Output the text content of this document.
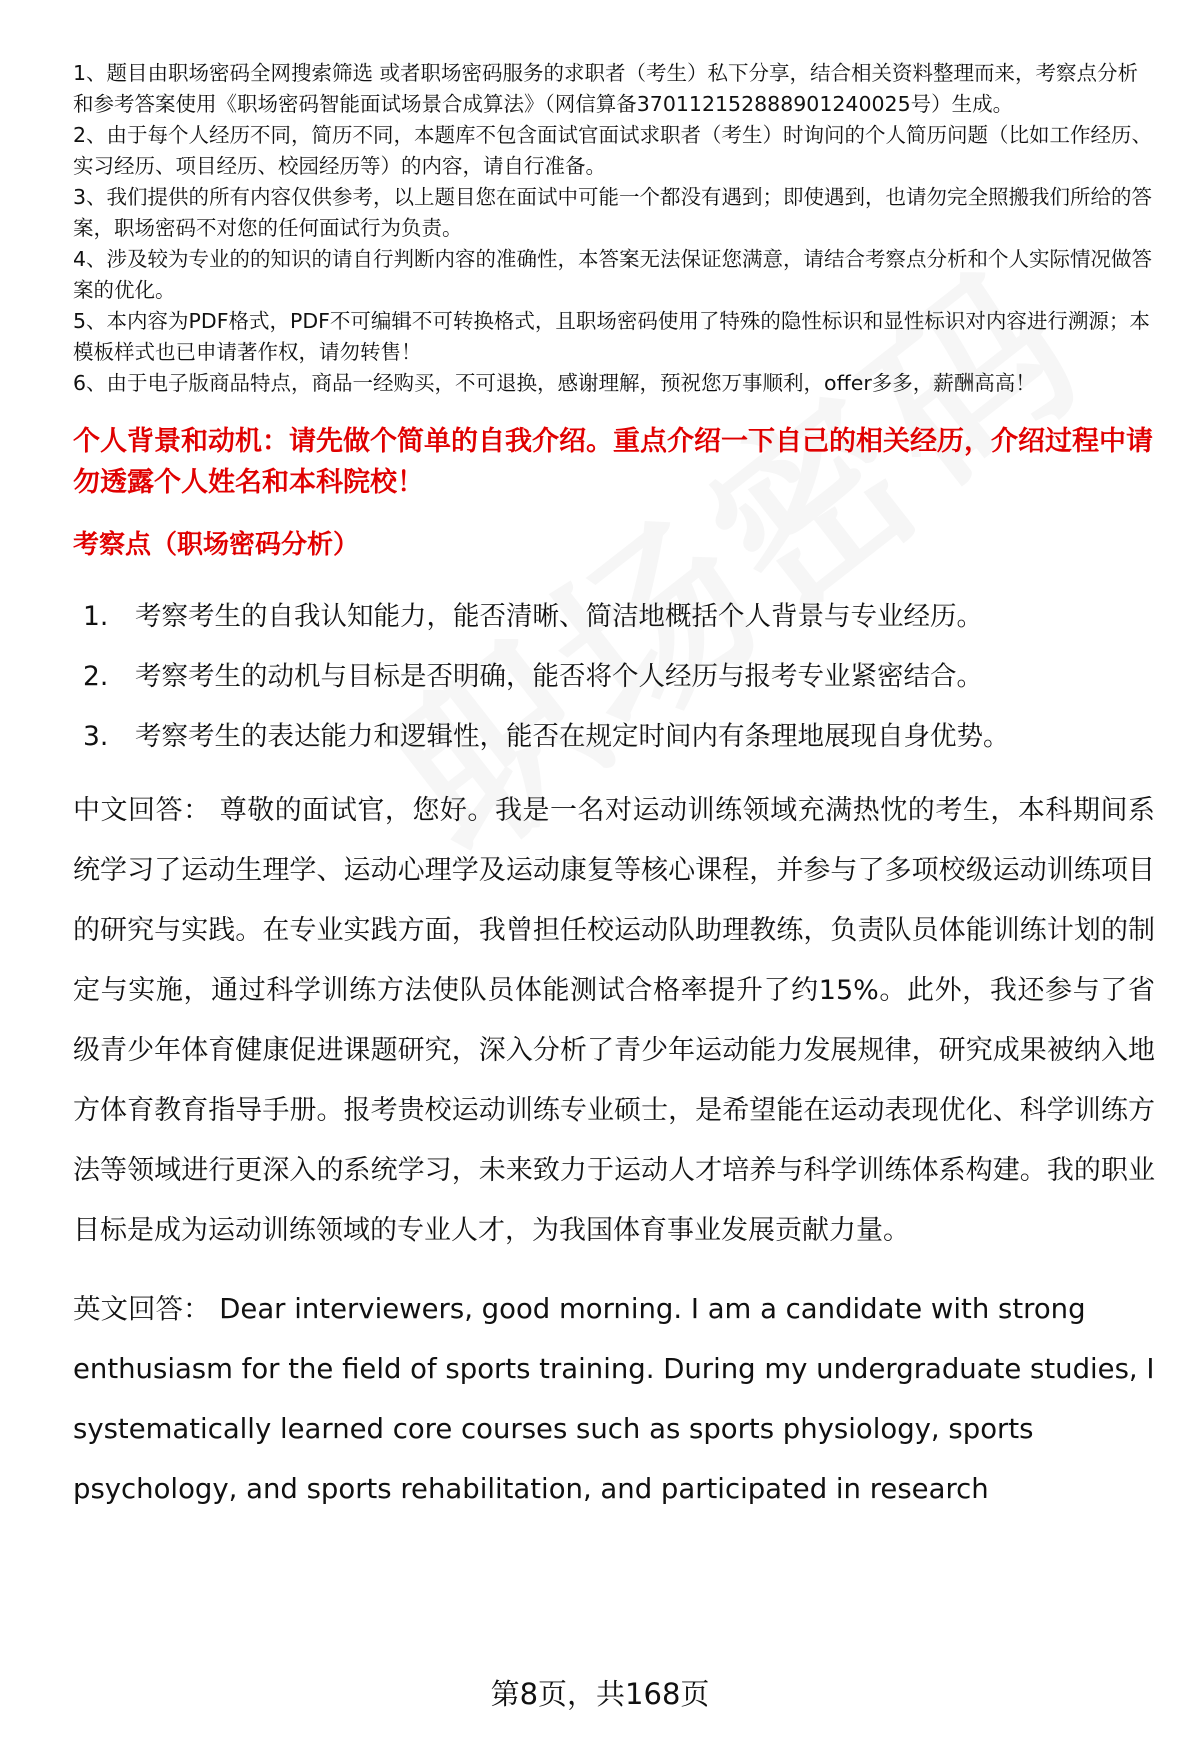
1、题目由职场密码全网搜索筛选 或者职场密码服务的求职者（考生）私下分享，结合相关资料整理而来，考察点分析和参考答案使用《职场密码智能面试场景合成算法》（网信算备370112152888901240025号）生成。

2、由于每个人经历不同，简历不同，本题库不包含面试官面试求职者（考生）时询问的个人简历问题（比如工作经历、实习经历、项目经历、校园经历等）的内容，请自行准备。

3、我们提供的所有内容仅供参考，以上题目您在面试中可能一个都没有遇到；即使遇到，也请勿完全照搬我们所给的答案，职场密码不对您的任何面试行为负责。

4、涉及较为专业的的知识的请自行判断内容的准确性，本答案无法保证您满意，请结合考察点分析和个人实际情况做答案的优化。

5、本内容为PDF格式，PDF不可编辑不可转换格式，且职场密码使用了特殊的隐性标识和显性标识对内容进行溯源；本模板样式也已申请著作权，请勿转售！

6、由于电子版商品特点，商品一经购买，不可退换，感谢理解，预祝您万事顺利，offer多多，薪酬高高！

个人背景和动机：请先做个简单的自我介绍。重点介绍一下自己的相关经历，介绍过程中请勿透露个人姓名和本科院校！
考察点（职场密码分析）
1.	考察考生的自我认知能力，能否清晰、简洁地概括个人背景与专业经历。
2.	考察考生的动机与目标是否明确，能否将个人经历与报考专业紧密结合。
3.	考察考生的表达能力和逻辑性，能否在规定时间内有条理地展现自身优势。
中文回答： 尊敬的面试官，您好。我是一名对运动训练领域充满热忱的考生，本科期间系统学习了运动生理学、运动心理学及运动康复等核心课程，并参与了多项校级运动训练项目的研究与实践。在专业实践方面，我曾担任校运动队助理教练，负责队员体能训练计划的制定与实施，通过科学训练方法使队员体能测试合格率提升了约15%。此外，我还参与了省级青少年体育健康促进课题研究，深入分析了青少年运动能力发展规律，研究成果被纳入地方体育教育指导手册。报考贵校运动训练专业硕士，是希望能在运动表现优化、科学训练方法等领域进行更深入的系统学习，未来致力于运动人才培养与科学训练体系构建。我的职业目标是成为运动训练领域的专业人才，为我国体育事业发展贡献力量。
英文回答： Dear interviewers, good morning. I am a candidate with strong enthusiasm for the field of sports training. During my undergraduate studies, I systematically learned core courses such as sports physiology, sports psychology, and sports rehabilitation, and participated in research
第8页，共168页
